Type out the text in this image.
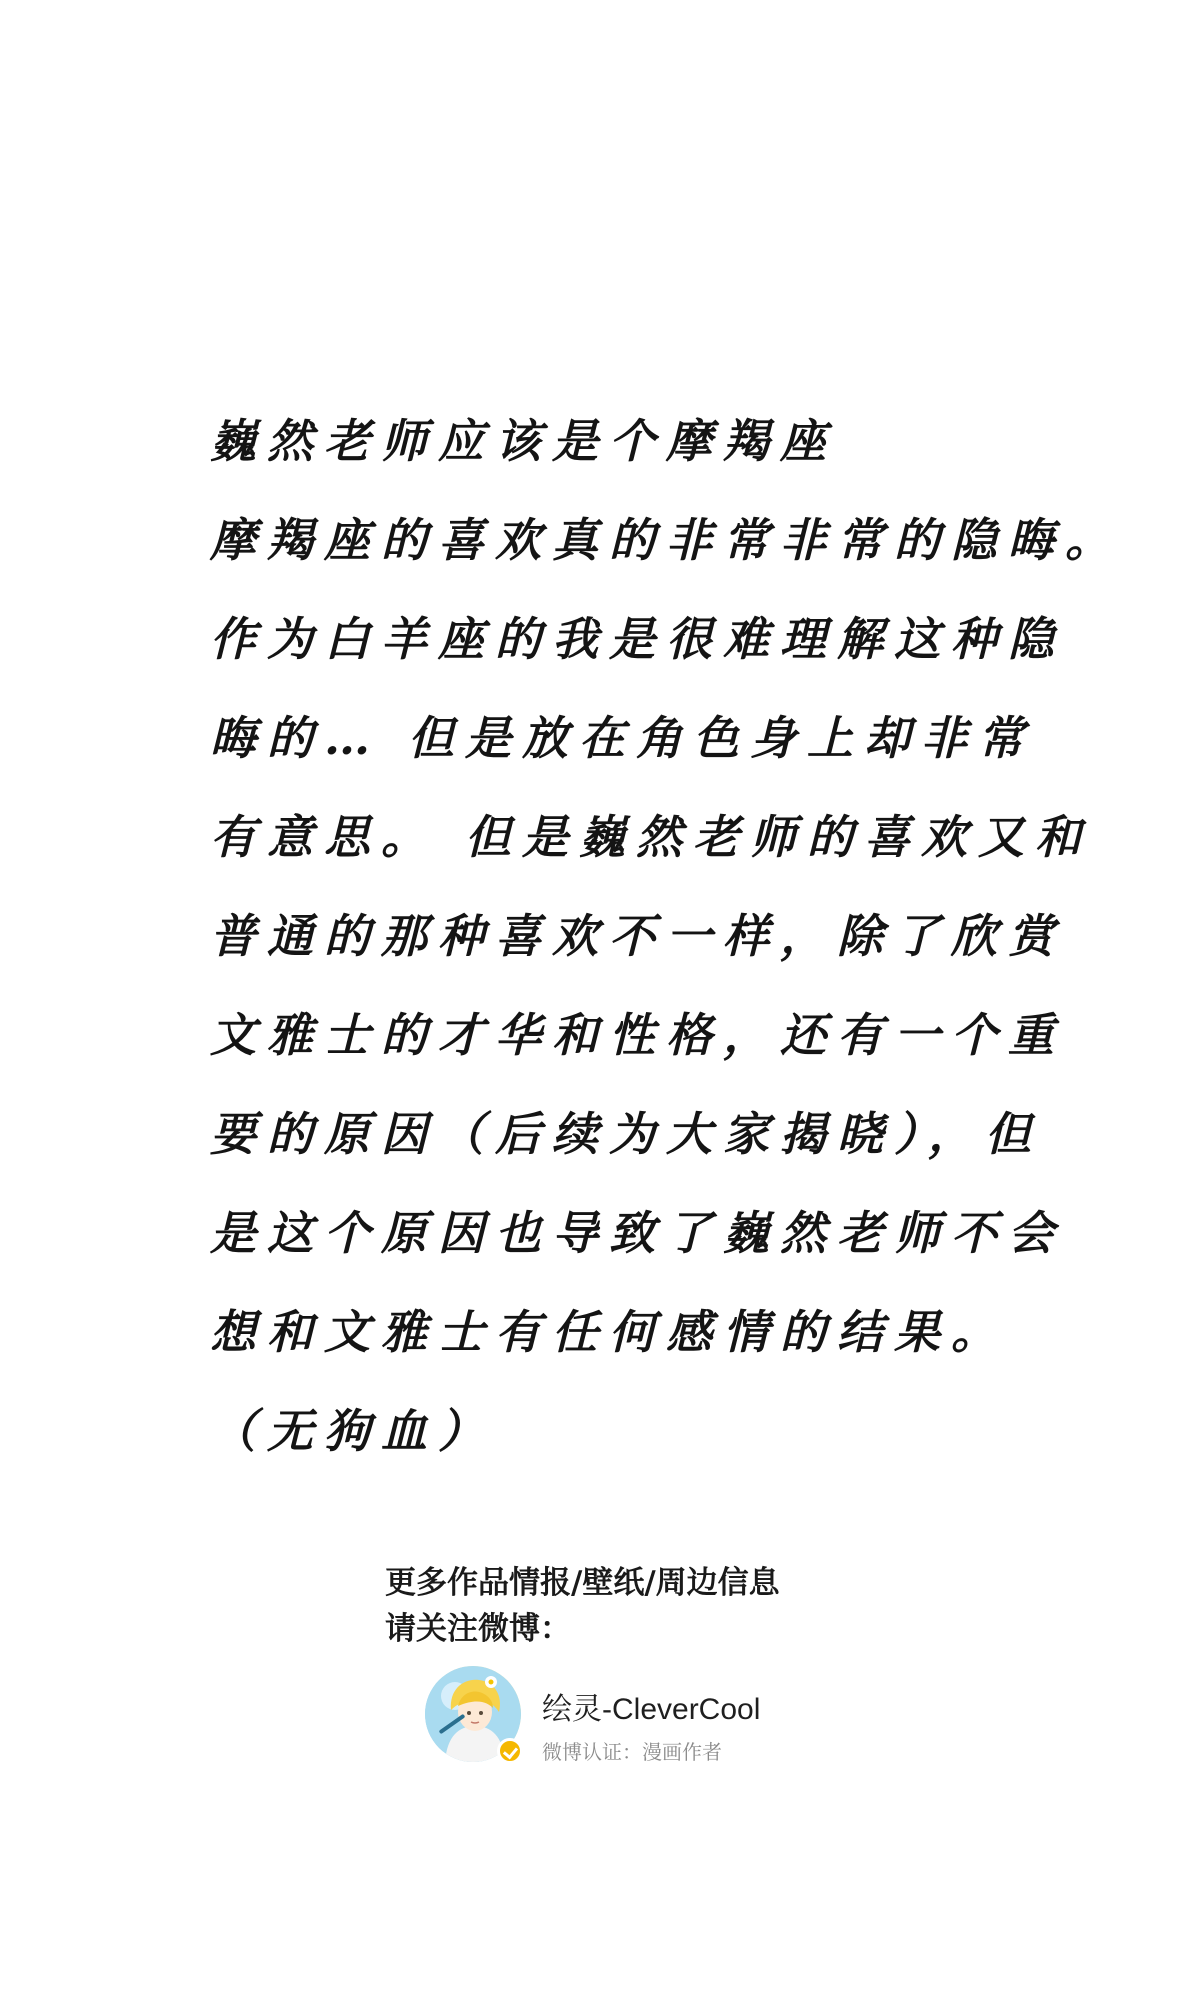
巍然老师应该是个摩羯座
摩羯座的喜欢真的非常非常的隐晦。
作为白羊座的我是很难理解这种隐
晦的… 但是放在角色身上却非常
有意思。 但是巍然老师的喜欢又和
普通的那种喜欢不一样，除了欣赏
文雅士的才华和性格，还有一个重
要的原因（后续为大家揭晓），但
是这个原因也导致了巍然老师不会
想和文雅士有任何感情的结果。
（无狗血）
更多作品情报/壁纸/周边信息
请关注微博：
绘灵-CleverCool
微博认证：漫画作者
